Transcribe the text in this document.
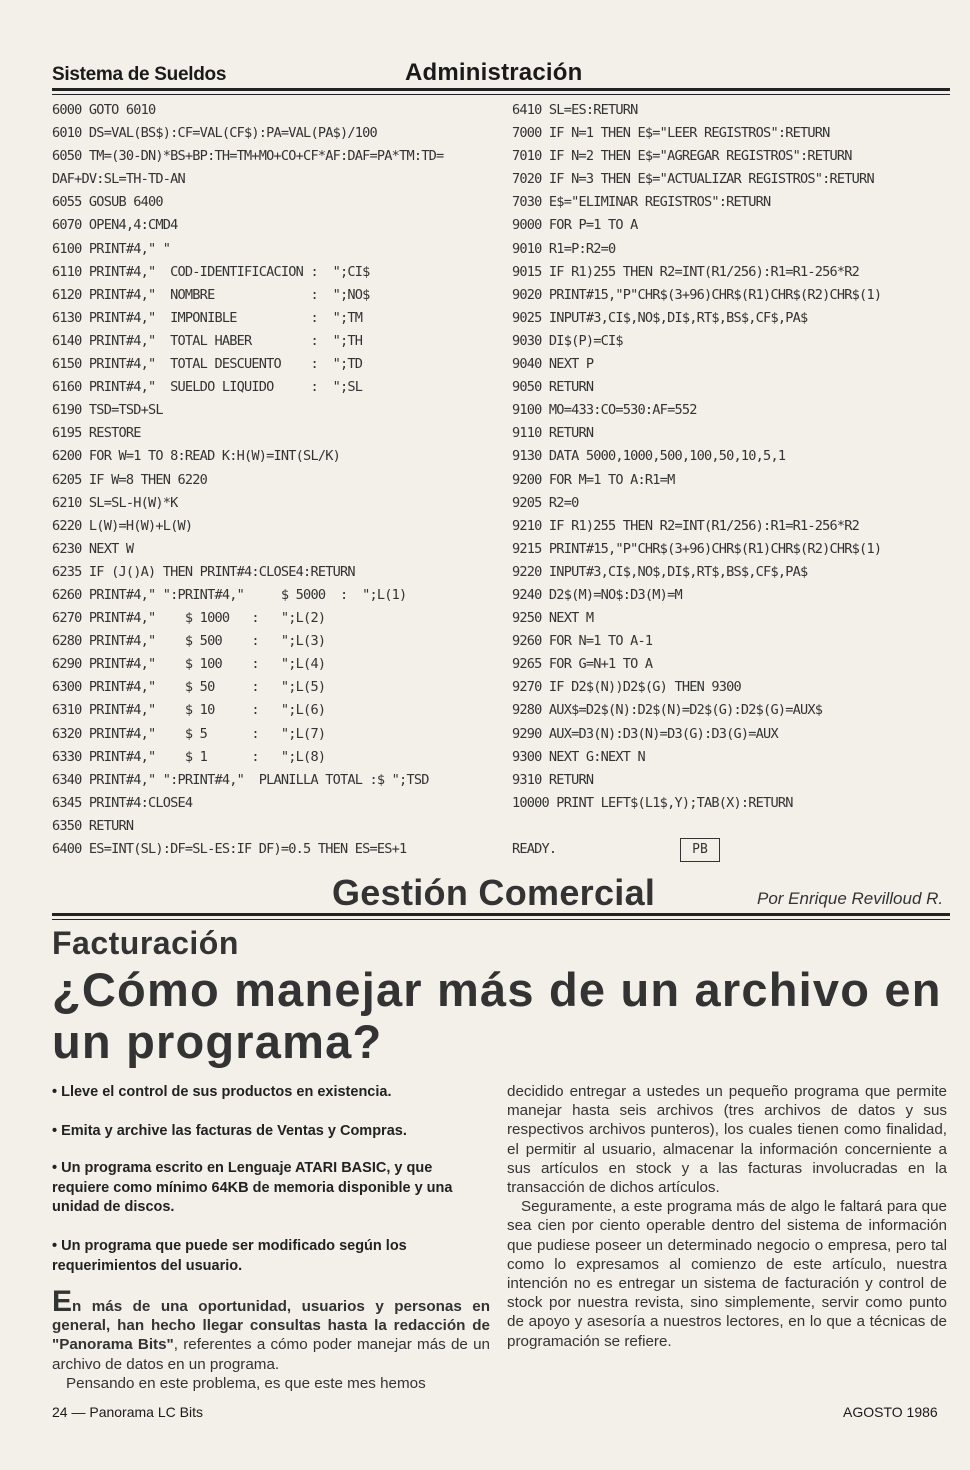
Sistema de Sueldos	Administración
6000 GOTO 6010
6010 DS=VAL(BS$):CF=VAL(CF$):PA=VAL(PA$)/100
6050 TM=(30-DN)*BS+BP:TH=TM+MO+CO+CF*AF:DAF=PA*TM:TD=
DAF+DV:SL=TH-TD-AN
6055 GOSUB 6400
6070 OPEN4,4:CMD4
6100 PRINT#4," "
6110 PRINT#4,"  COD-IDENTIFICACION :  ";CI$
6120 PRINT#4,"  NOMBRE             :  ";NO$
6130 PRINT#4,"  IMPONIBLE          :  ";TM
6140 PRINT#4,"  TOTAL HABER        :  ";TH
6150 PRINT#4,"  TOTAL DESCUENTO    :  ";TD
6160 PRINT#4,"  SUELDO LIQUIDO     :  ";SL
6190 TSD=TSD+SL
6195 RESTORE
6200 FOR W=1 TO 8:READ K:H(W)=INT(SL/K)
6205 IF W=8 THEN 6220
6210 SL=SL-H(W)*K
6220 L(W)=H(W)+L(W)
6230 NEXT W
6235 IF (J()A) THEN PRINT#4:CLOSE4:RETURN
6260 PRINT#4," ":PRINT#4,"     $ 5000  :  ";L(1)
6270 PRINT#4,"    $ 1000   :   ";L(2)
6280 PRINT#4,"    $ 500    :   ";L(3)
6290 PRINT#4,"    $ 100    :   ";L(4)
6300 PRINT#4,"    $ 50     :   ";L(5)
6310 PRINT#4,"    $ 10     :   ";L(6)
6320 PRINT#4,"    $ 5      :   ";L(7)
6330 PRINT#4,"    $ 1      :   ";L(8)
6340 PRINT#4," ":PRINT#4,"  PLANILLA TOTAL :$ ";TSD
6345 PRINT#4:CLOSE4
6350 RETURN
6400 ES=INT(SL):DF=SL-ES:IF DF)=0.5 THEN ES=ES+1
6410 SL=ES:RETURN
7000 IF N=1 THEN E$="LEER REGISTROS":RETURN
7010 IF N=2 THEN E$="AGREGAR REGISTROS":RETURN
7020 IF N=3 THEN E$="ACTUALIZAR REGISTROS":RETURN
7030 E$="ELIMINAR REGISTROS":RETURN
9000 FOR P=1 TO A
9010 R1=P:R2=0
9015 IF R1)255 THEN R2=INT(R1/256):R1=R1-256*R2
9020 PRINT#15,"P"CHR$(3+96)CHR$(R1)CHR$(R2)CHR$(1)
9025 INPUT#3,CI$,NO$,DI$,RT$,BS$,CF$,PA$
9030 DI$(P)=CI$
9040 NEXT P
9050 RETURN
9100 MO=433:CO=530:AF=552
9110 RETURN
9130 DATA 5000,1000,500,100,50,10,5,1
9200 FOR M=1 TO A:R1=M
9205 R2=0
9210 IF R1)255 THEN R2=INT(R1/256):R1=R1-256*R2
9215 PRINT#15,"P"CHR$(3+96)CHR$(R1)CHR$(R2)CHR$(1)
9220 INPUT#3,CI$,NO$,DI$,RT$,BS$,CF$,PA$
9240 D2$(M)=NO$:D3(M)=M
9250 NEXT M
9260 FOR N=1 TO A-1
9265 FOR G=N+1 TO A
9270 IF D2$(N))D2$(G) THEN 9300
9280 AUX$=D2$(N):D2$(N)=D2$(G):D2$(G)=AUX$
9290 AUX=D3(N):D3(N)=D3(G):D3(G)=AUX
9300 NEXT G:NEXT N
9310 RETURN
10000 PRINT LEFT$(L1$,Y);TAB(X):RETURN
READY.	PB
Gestión Comercial	Por Enrique Revilloud R.
Facturación
¿Cómo manejar más de un archivo en un programa?
• Lleve el control de sus productos en existencia.
• Emita y archive las facturas de Ventas y Compras.
• Un programa escrito en Lenguaje ATARI BASIC, y que requiere como mínimo 64KB de memoria disponible y una unidad de discos.
• Un programa que puede ser modificado según los requerimientos del usuario.

En más de una oportunidad, usuarios y personas en general, han hecho llegar consultas hasta la redacción de "Panorama Bits", referentes a cómo poder manejar más de un archivo de datos en un programa.

Pensando en este problema, es que este mes hemos

decidido entregar a ustedes un pequeño programa que permite manejar hasta seis archivos (tres archivos de datos y sus respectivos archivos punteros), los cuales tienen como finalidad, el permitir al usuario, almacenar la información concerniente a sus artículos en stock y a las facturas involucradas en la transacción de dichos artículos.

Seguramente, a este programa más de algo le faltará para que sea cien por ciento operable dentro del sistema de información que pudiese poseer un determinado negocio o empresa, pero tal como lo expresamos al comienzo de este artículo, nuestra intención no es entregar un sistema de facturación y control de stock por nuestra revista, sino simplemente, servir como punto de apoyo y asesoría a nuestros lectores, en lo que a técnicas de programación se refiere.

24 — Panorama LC Bits	AGOSTO 1986
